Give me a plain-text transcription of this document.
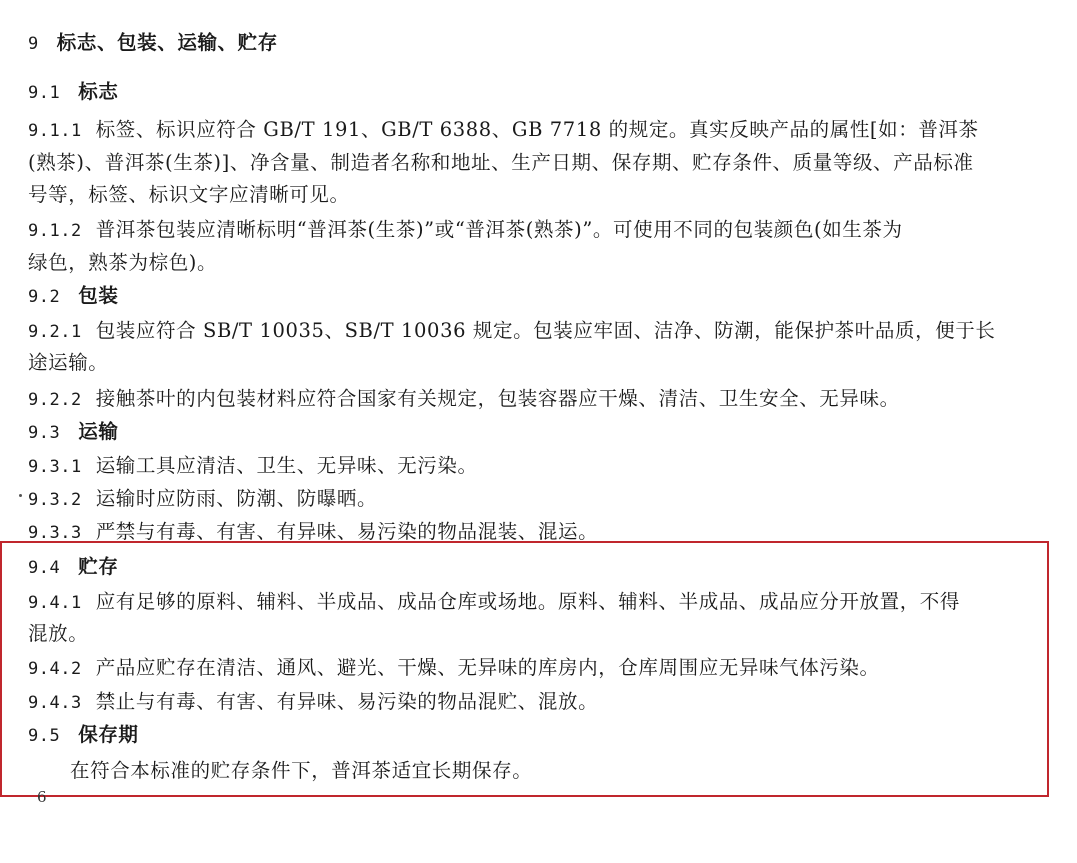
9 标志、包装、运输、贮存
9.1 标志
9.1.1 标签、标识应符合 GB/T 191、GB/T 6388、GB 7718 的规定。真实反映产品的属性[如：普洱茶
(熟茶)、普洱茶(生茶)]、净含量、制造者名称和地址、生产日期、保存期、贮存条件、质量等级、产品标准
号等，标签、标识文字应清晰可见。
9.1.2 普洱茶包装应清晰标明“普洱茶(生茶)”或“普洱茶(熟茶)”。可使用不同的包装颜色(如生茶为
绿色，熟茶为棕色)。
9.2 包装
9.2.1 包装应符合 SB/T 10035、SB/T 10036 规定。包装应牢固、洁净、防潮，能保护茶叶品质，便于长
途运输。
9.2.2 接触茶叶的内包装材料应符合国家有关规定，包装容器应干燥、清洁、卫生安全、无异味。
9.3 运输
9.3.1 运输工具应清洁、卫生、无异味、无污染。
9.3.2 运输时应防雨、防潮、防曝晒。
9.3.3 严禁与有毒、有害、有异味、易污染的物品混装、混运。
9.4 贮存
9.4.1 应有足够的原料、辅料、半成品、成品仓库或场地。原料、辅料、半成品、成品应分开放置，不得
混放。
9.4.2 产品应贮存在清洁、通风、避光、干燥、无异味的库房内，仓库周围应无异味气体污染。
9.4.3 禁止与有毒、有害、有异味、易污染的物品混贮、混放。
9.5 保存期
在符合本标准的贮存条件下，普洱茶适宜长期保存。
6
